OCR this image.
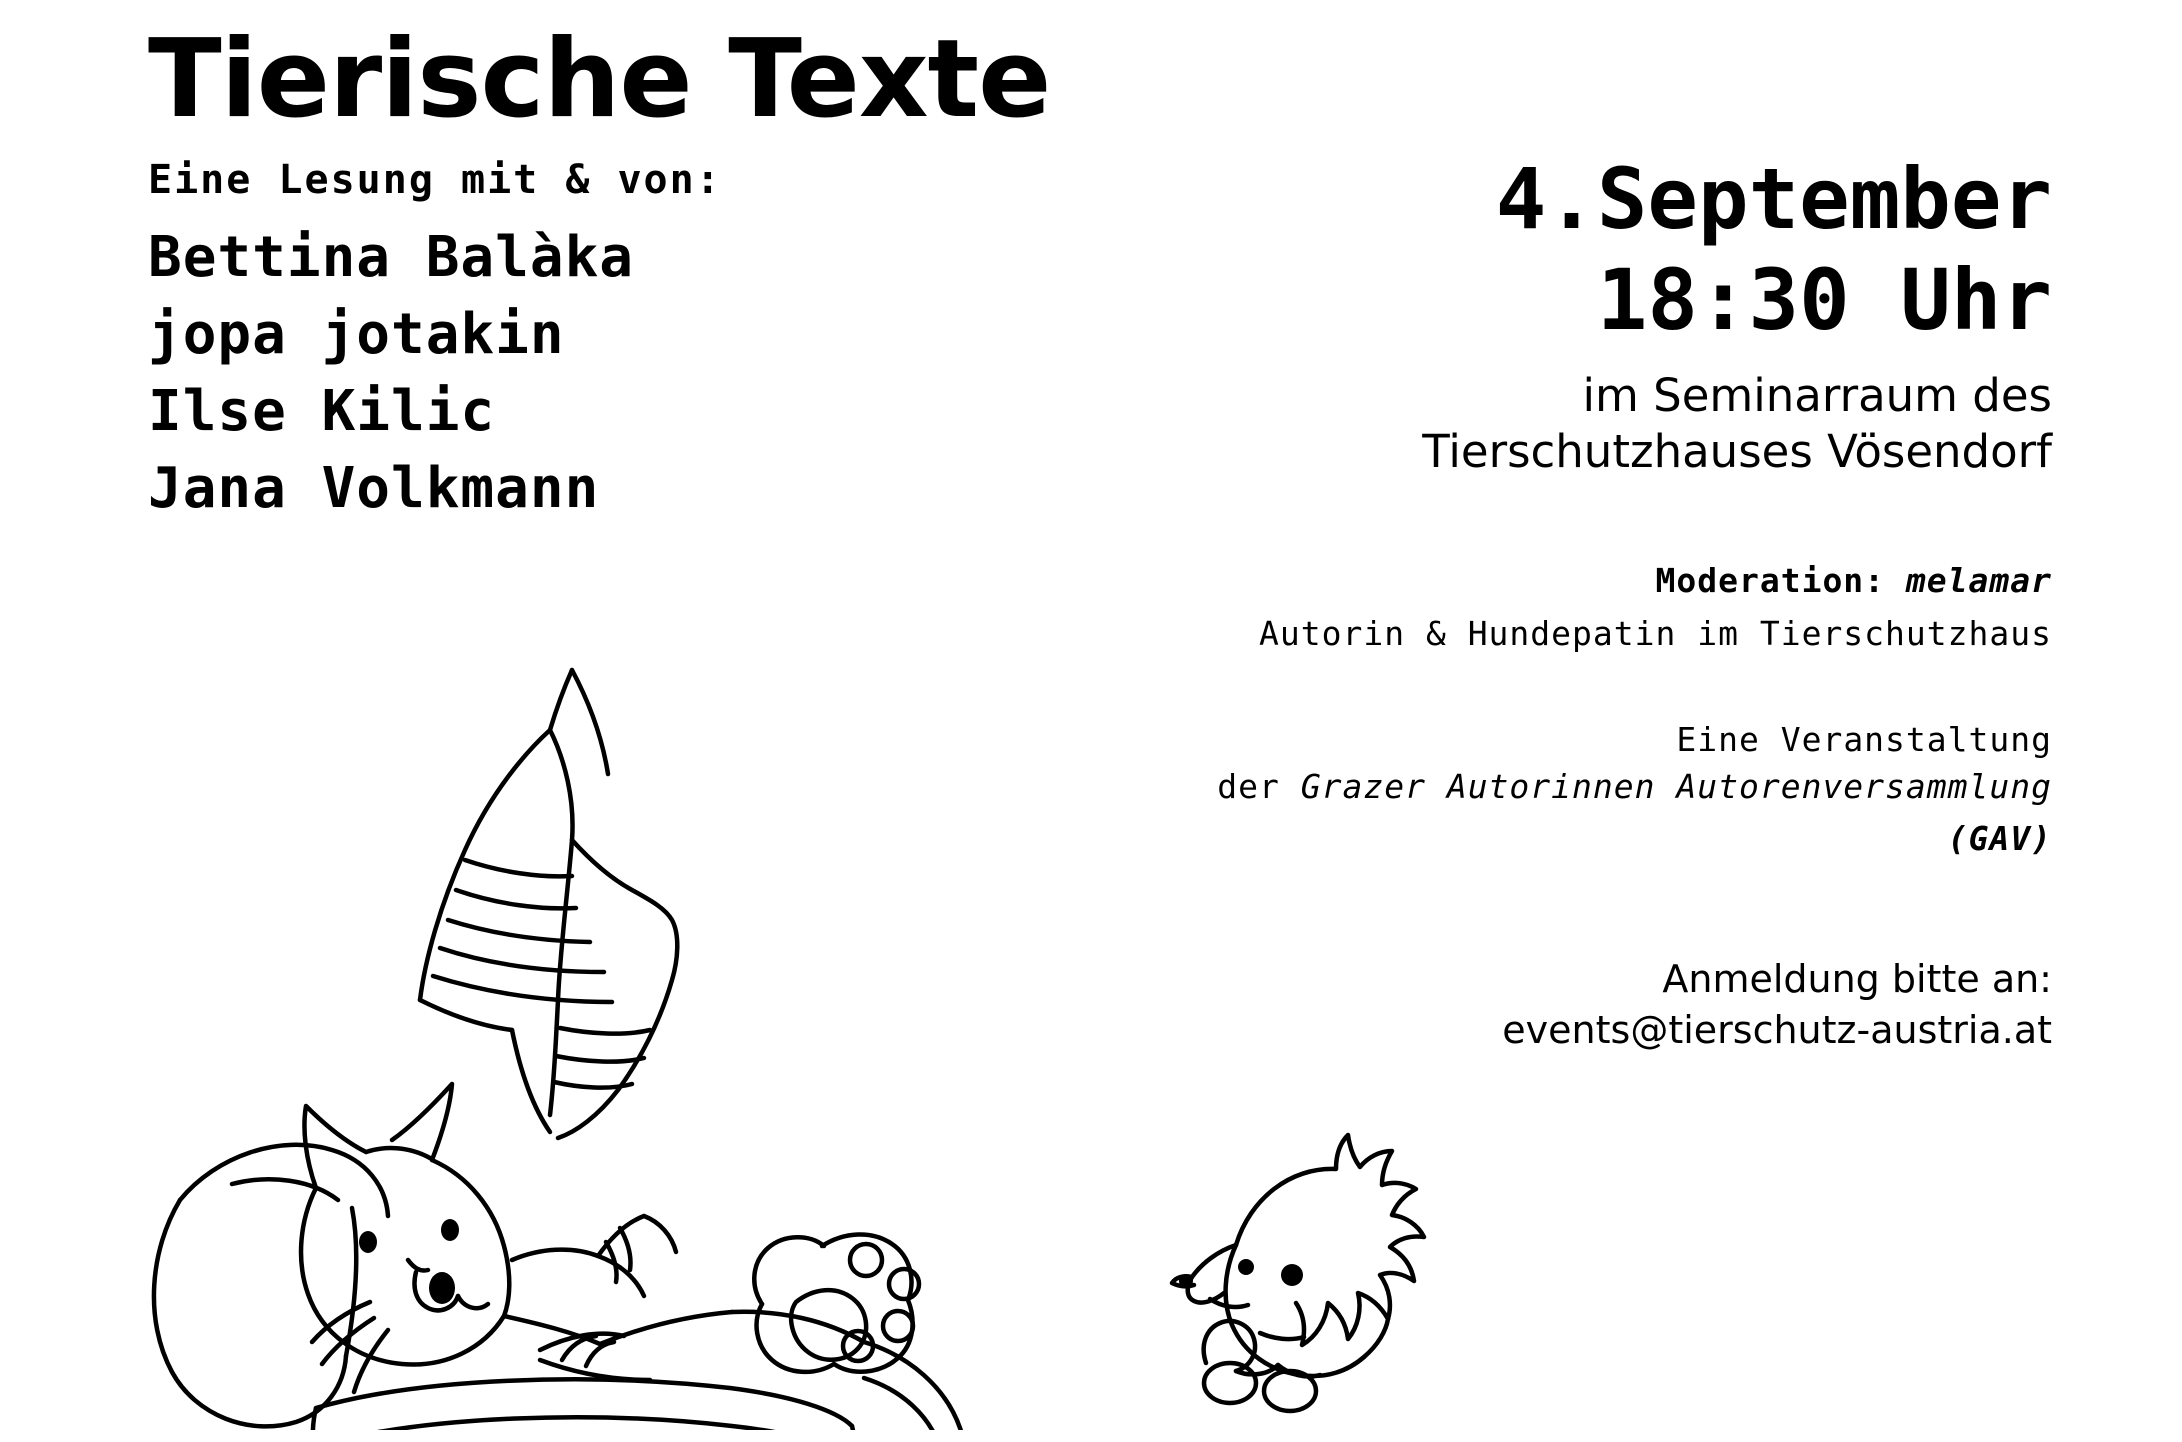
Tierische Texte
Eine Lesung mit & von:
Bettina Balàka
jopa jotakin
Ilse Kilic
Jana Volkmann
4.September
18:30 Uhr
im Seminarraum des
Tierschutzhauses Vösendorf
Moderation: melamar
Autorin & Hundepatin im Tierschutzhaus
Eine Veranstaltung
der Grazer Autorinnen Autorenversammlung
(GAV)
Anmeldung bitte an:
events@tierschutz-austria.at
